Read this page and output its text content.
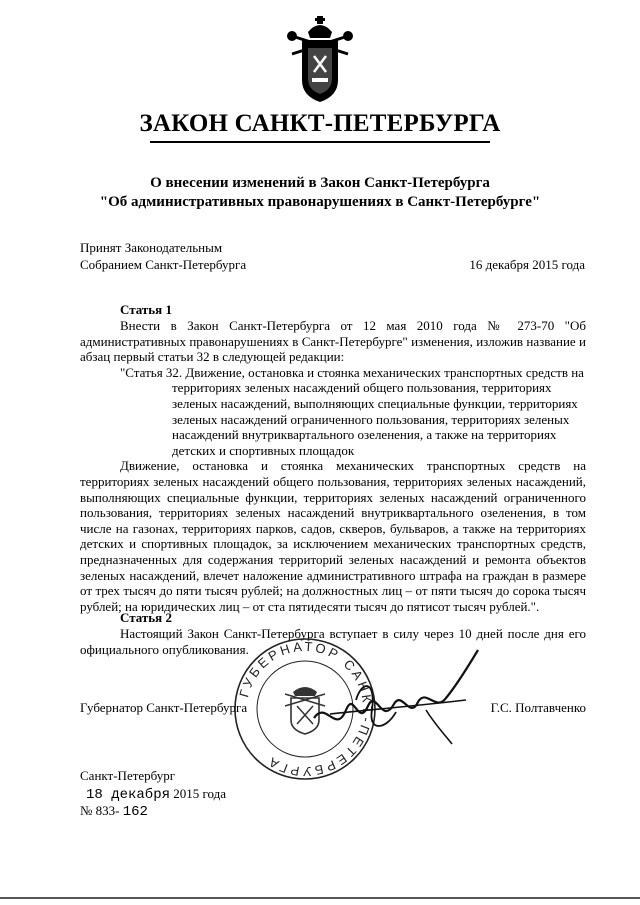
ЗАКОН САНКТ-ПЕТЕРБУРГА
О внесении изменений в Закон Санкт-Петербурга
"Об административных правонарушениях в Санкт-Петербурге"
Принят Законодательным
Собранием Санкт-Петербурга	16 декабря 2015 года
Статья 1

Внести в Закон Санкт-Петербурга от 12 мая 2010 года № 273-70 "Об административных правонарушениях в Санкт-Петербурге" изменения, изложив название и абзац первый статьи 32 в следующей редакции:

"Статья 32. Движение, остановка и стоянка механических транспортных средств на
территориях зеленых насаждений общего пользования, территориях зеленых насаждений, выполняющих специальные функции, территориях зеленых насаждений ограниченного пользования, территориях зеленых насаждений внутриквартального озеленения, а также на территориях детских и спортивных площадок

Движение, остановка и стоянка механических транспортных средств на территориях зеленых насаждений общего пользования, территориях зеленых насаждений, выполняющих специальные функции, территориях зеленых насаждений ограниченного пользования, территориях зеленых насаждений внутриквартального озеленения, в том числе на газонах, территориях парков, садов, скверов, бульваров, а также на территориях детских и спортивных площадок, за исключением механических транспортных средств, предназначенных для содержания территорий зеленых насаждений и ремонта объектов зеленых насаждений, влечет наложение административного штрафа на граждан в размере от трех тысяч до пяти тысяч рублей; на должностных лиц – от пяти тысяч до сорока тысяч рублей; на юридических лиц – от ста пятидесяти тысяч до пятисот тысяч рублей.".

Статья 2

Настоящий Закон Санкт-Петербурга вступает в силу через 10 дней после дня его официального опубликования.

ГУБЕРНАТОР САНКТ-ПЕТЕРБУРГА
Губернатор Санкт-Петербурга	Г.С. Полтавченко
Санкт-Петербург
18 декабря 2015 года
№ 833- 162
